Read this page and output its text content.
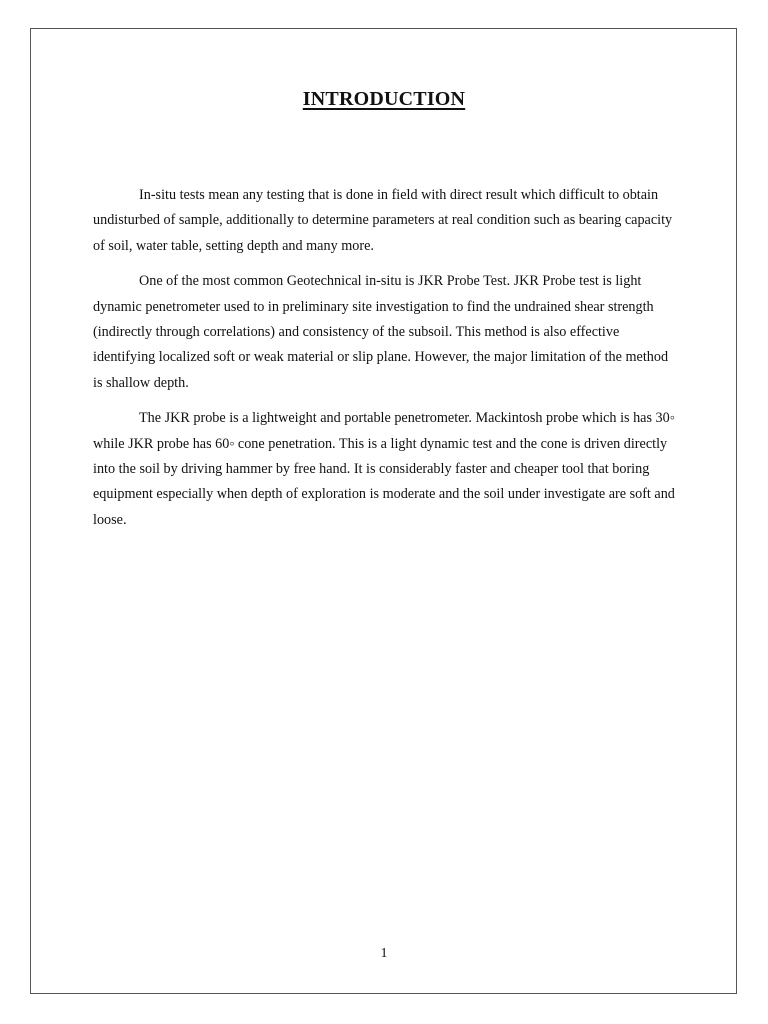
INTRODUCTION

In-situ tests mean any testing that is done in field with direct result which difficult to obtain undisturbed of sample, additionally to determine parameters at real condition such as bearing capacity of soil, water table, setting depth and many more.

One of the most common Geotechnical in-situ is JKR Probe Test. JKR Probe test is light dynamic penetrometer used to in preliminary site investigation to find the undrained shear strength (indirectly through correlations) and consistency of the subsoil. This method is also effective identifying localized soft or weak material or slip plane. However, the major limitation of the method is shallow depth.

The JKR probe is a lightweight and portable penetrometer. Mackintosh probe which is has 30◦ while JKR probe has 60◦ cone penetration. This is a light dynamic test and the cone is driven directly into the soil by driving hammer by free hand. It is considerably faster and cheaper tool that boring equipment especially when depth of exploration is moderate and the soil under investigate are soft and loose.

1
